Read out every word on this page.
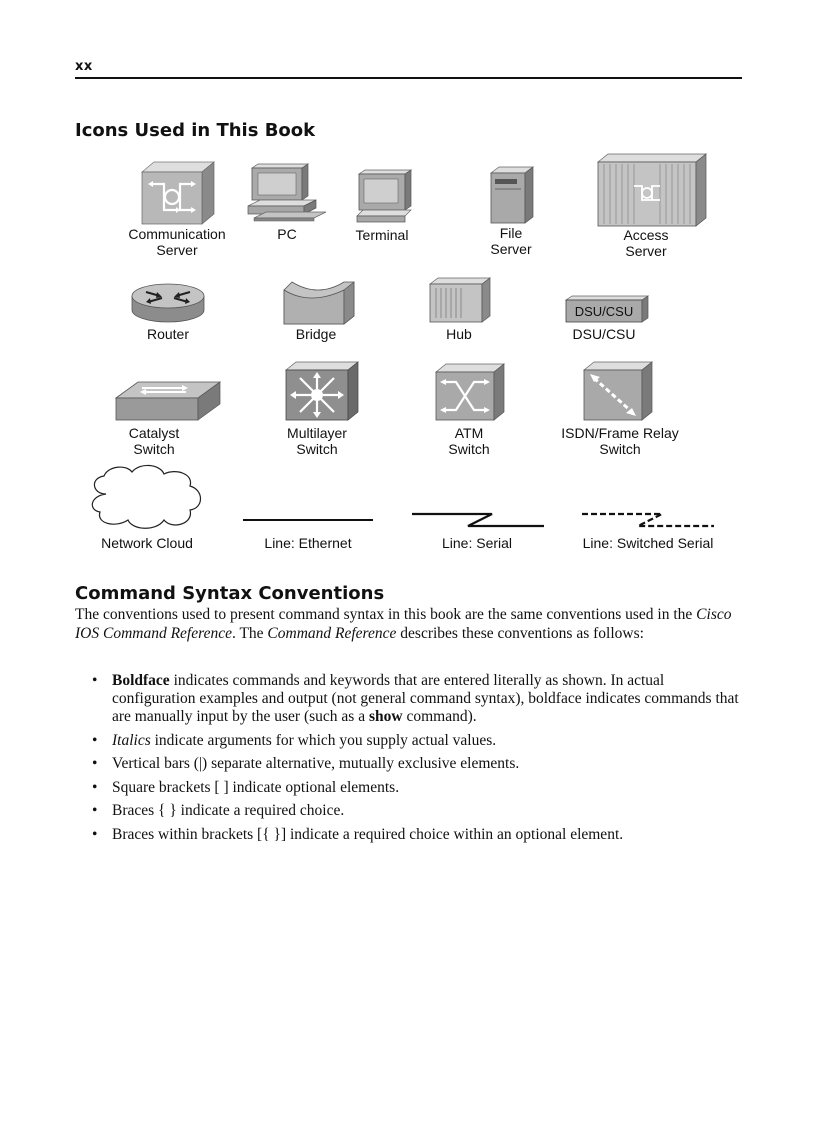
xx
Icons Used in This Book
Communication
Server
PC	Terminal	File
Server
Access
Server
Router	Bridge	Hub
DSU/CSU
DSU/CSU
Catalyst
Switch
Multilayer
Switch
ATM
Switch
ISDN/Frame Relay
Switch
Network Cloud	Line: Ethernet	Line: Serial	Line: Switched Serial
Command Syntax Conventions

The conventions used to present command syntax in this book are the same conventions used in the Cisco IOS Command Reference. The Command Reference describes these conventions as follows:

• Boldface indicates commands and keywords that are entered literally as shown. In actual configuration examples and output (not general command syntax), boldface indicates commands that are manually input by the user (such as a show command).
• Italics indicate arguments for which you supply actual values.
• Vertical bars (|) separate alternative, mutually exclusive elements.
• Square brackets [ ] indicate optional elements.
• Braces { } indicate a required choice.
• Braces within brackets [{ }] indicate a required choice within an optional element.
